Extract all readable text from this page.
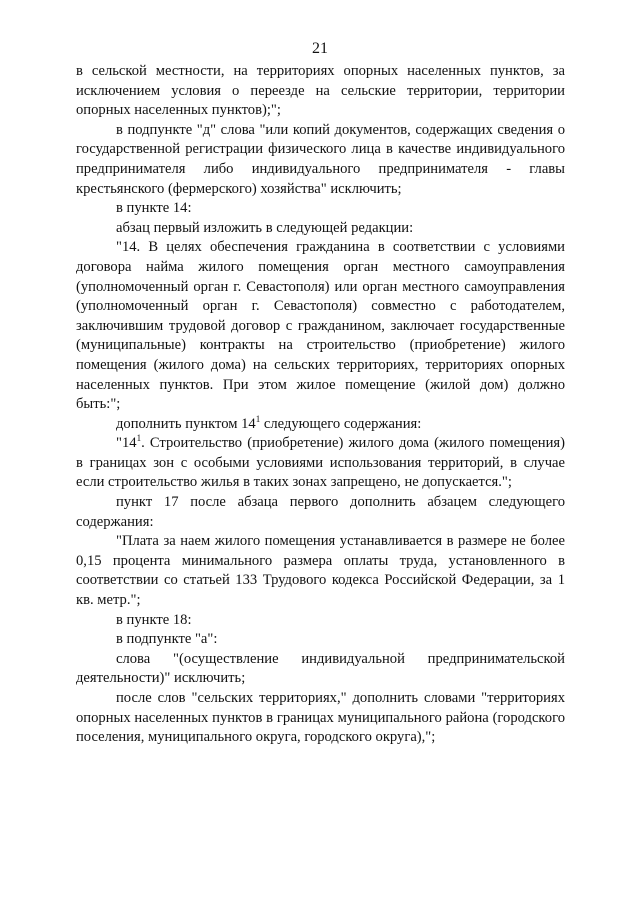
21

в сельской местности, на территориях опорных населенных пунктов, за исключением условия о переезде на сельские территории, территории опорных населенных пунктов);";

в подпункте "д" слова "или копий документов, содержащих сведения о государственной регистрации физического лица в качестве индивидуального предпринимателя либо индивидуального предпринимателя - главы крестьянского (фермерского) хозяйства" исключить;

в пункте 14:

абзац первый изложить в следующей редакции:

"14. В целях обеспечения гражданина в соответствии с условиями договора найма жилого помещения орган местного самоуправления (уполномоченный орган г. Севастополя) или орган местного самоуправления (уполномоченный орган г. Севастополя) совместно с работодателем, заключившим трудовой договор с гражданином, заключает государственные (муниципальные) контракты на строительство (приобретение) жилого помещения (жилого дома) на сельских территориях, территориях опорных населенных пунктов. При этом жилое помещение (жилой дом) должно быть:";

дополнить пунктом $14^1$ следующего содержания:

"$14^1$. Строительство (приобретение) жилого дома (жилого помещения) в границах зон с особыми условиями использования территорий, в случае если строительство жилья в таких зонах запрещено, не допускается.";

пункт 17 после абзаца первого дополнить абзацем следующего содержания:

"Плата за наем жилого помещения устанавливается в размере не более 0,15 процента минимального размера оплаты труда, установленного в соответствии со статьей 133 Трудового кодекса Российской Федерации, за 1 кв. метр.";

в пункте 18:

в подпункте "а":

слова "(осуществление индивидуальной предпринимательской деятельности)" исключить;

после слов "сельских территориях," дополнить словами "территориях опорных населенных пунктов в границах муниципального района (городского поселения, муниципального округа, городского округа),";
